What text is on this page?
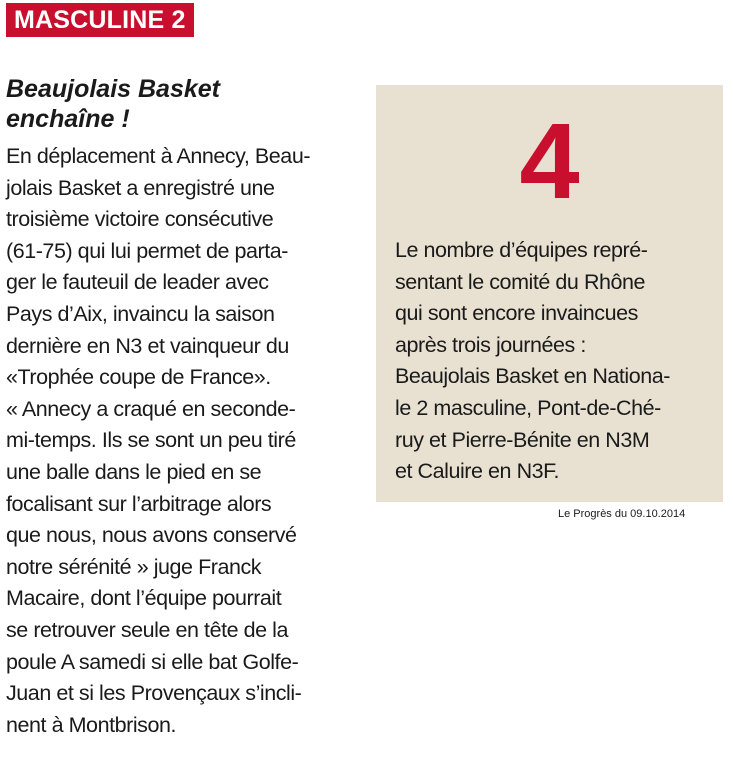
MASCULINE 2
Beaujolais Basket
enchaîne !
En déplacement à Annecy, Beau-
jolais Basket a enregistré une
troisième victoire consécutive
(61-75) qui lui permet de parta-
ger le fauteuil de leader avec
Pays d’Aix, invaincu la saison
dernière en N3 et vainqueur du
«Trophée coupe de France».
« Annecy a craqué en seconde-
mi-temps. Ils se sont un peu tiré
une balle dans le pied en se
focalisant sur l’arbitrage alors
que nous, nous avons conservé
notre sérénité » juge Franck
Macaire, dont l’équipe pourrait
se retrouver seule en tête de la
poule A samedi si elle bat Golfe-
Juan et si les Provençaux s’incli-
nent à Montbrison.
4
Le nombre d’équipes repré-
sentant le comité du Rhône
qui sont encore invaincues
après trois journées :
Beaujolais Basket en Nationa-
le 2 masculine, Pont-de-Ché-
ruy et Pierre-Bénite en N3M
et Caluire en N3F.
Le Progrès du 09.10.2014
